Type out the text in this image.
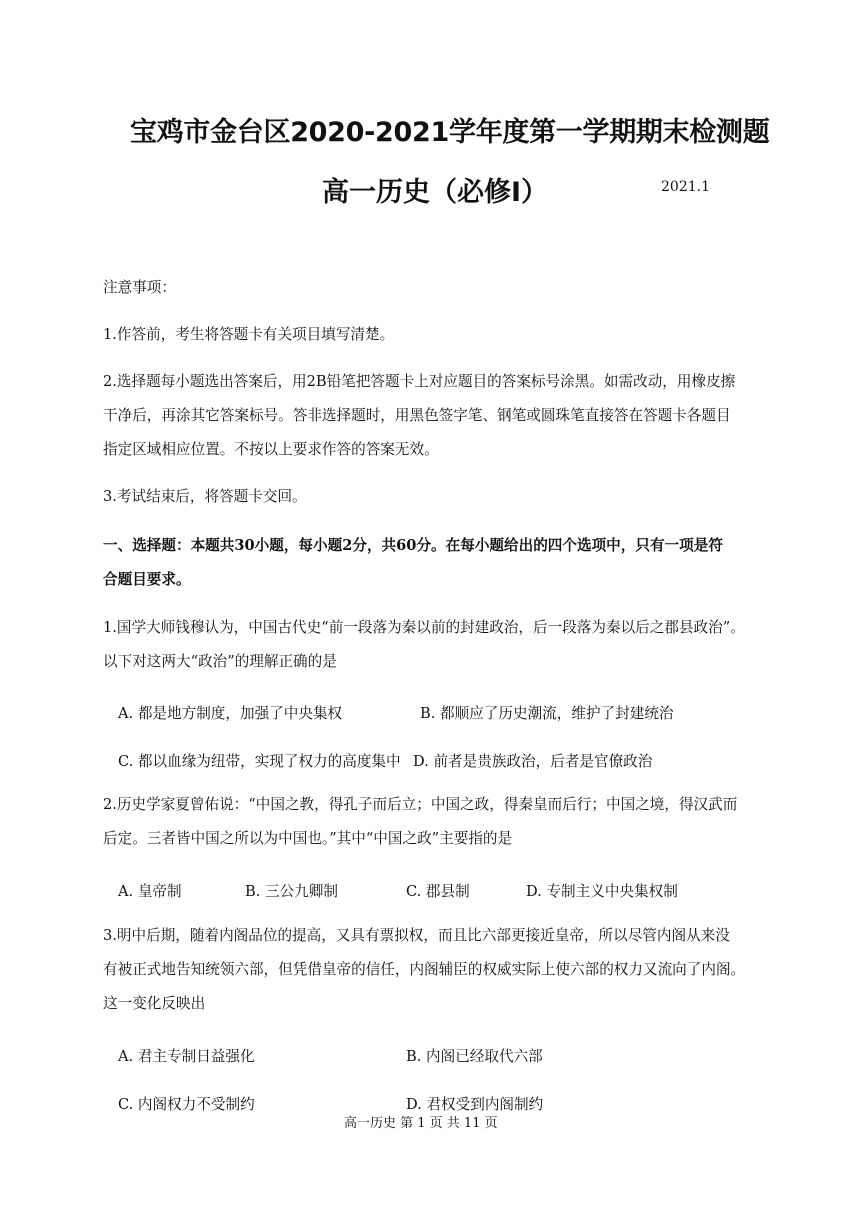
宝鸡市金台区2020-2021学年度第一学期期末检测题
高一历史（必修Ⅰ）	2021.1
注意事项：
1.作答前，考生将答题卡有关项目填写清楚。
2.选择题每小题选出答案后，用2B铅笔把答题卡上对应题目的答案标号涂黑。如需改动，用橡皮擦
干净后，再涂其它答案标号。答非选择题时，用黑色签字笔、钢笔或圆珠笔直接答在答题卡各题目
指定区域相应位置。不按以上要求作答的答案无效。
3.考试结束后，将答题卡交回。
一、选择题：本题共30小题，每小题2分，共60分。在每小题给出的四个选项中，只有一项是符
合题目要求。
1.国学大师钱穆认为，中国古代史“前一段落为秦以前的封建政治，后一段落为秦以后之郡县政治”。
以下对这两大“政治”的理解正确的是
A. 都是地方制度，加强了中央集权	B. 都顺应了历史潮流，维护了封建统治
C. 都以血缘为纽带，实现了权力的高度集中 D. 前者是贵族政治，后者是官僚政治
2.历史学家夏曾佑说：“中国之教，得孔子而后立；中国之政，得秦皇而后行；中国之境，得汉武而
后定。三者皆中国之所以为中国也。”其中“中国之政”主要指的是
A. 皇帝制	B. 三公九卿制	C. 郡县制	D. 专制主义中央集权制
3.明中后期，随着内阁品位的提高，又具有票拟权，而且比六部更接近皇帝，所以尽管内阁从来没
有被正式地告知统领六部，但凭借皇帝的信任，内阁辅臣的权威实际上使六部的权力又流向了内阁。
这一变化反映出
A. 君主专制日益强化	B. 内阁已经取代六部
C. 内阁权力不受制约	D. 君权受到内阁制约
高一历史 第 1 页 共 11 页
